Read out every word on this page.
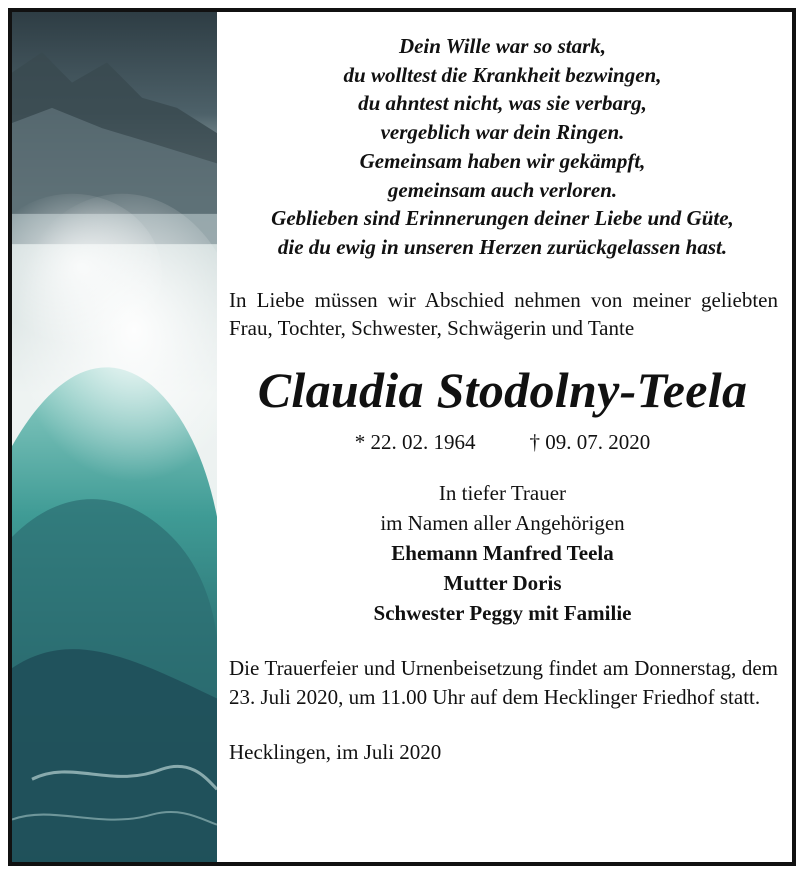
Dein Wille war so stark,
du wolltest die Krankheit bezwingen,
du ahntest nicht, was sie verbarg,
vergeblich war dein Ringen.
Gemeinsam haben wir gekämpft,
gemeinsam auch verloren.
Geblieben sind Erinnerungen deiner Liebe und Güte,
die du ewig in unseren Herzen zurückgelassen hast.
In Liebe müssen wir Abschied nehmen von meiner geliebten Frau, Tochter, Schwester, Schwägerin und Tante
Claudia Stodolny-Teela
* 22. 02. 1964	† 09. 07. 2020
In tiefer Trauer
im Namen aller Angehörigen
Ehemann Manfred Teela
Mutter Doris
Schwester Peggy mit Familie
Die Trauerfeier und Urnenbeisetzung findet am Donnerstag, dem 23. Juli 2020, um 11.00 Uhr auf dem Hecklinger Friedhof statt.
Hecklingen, im Juli 2020
